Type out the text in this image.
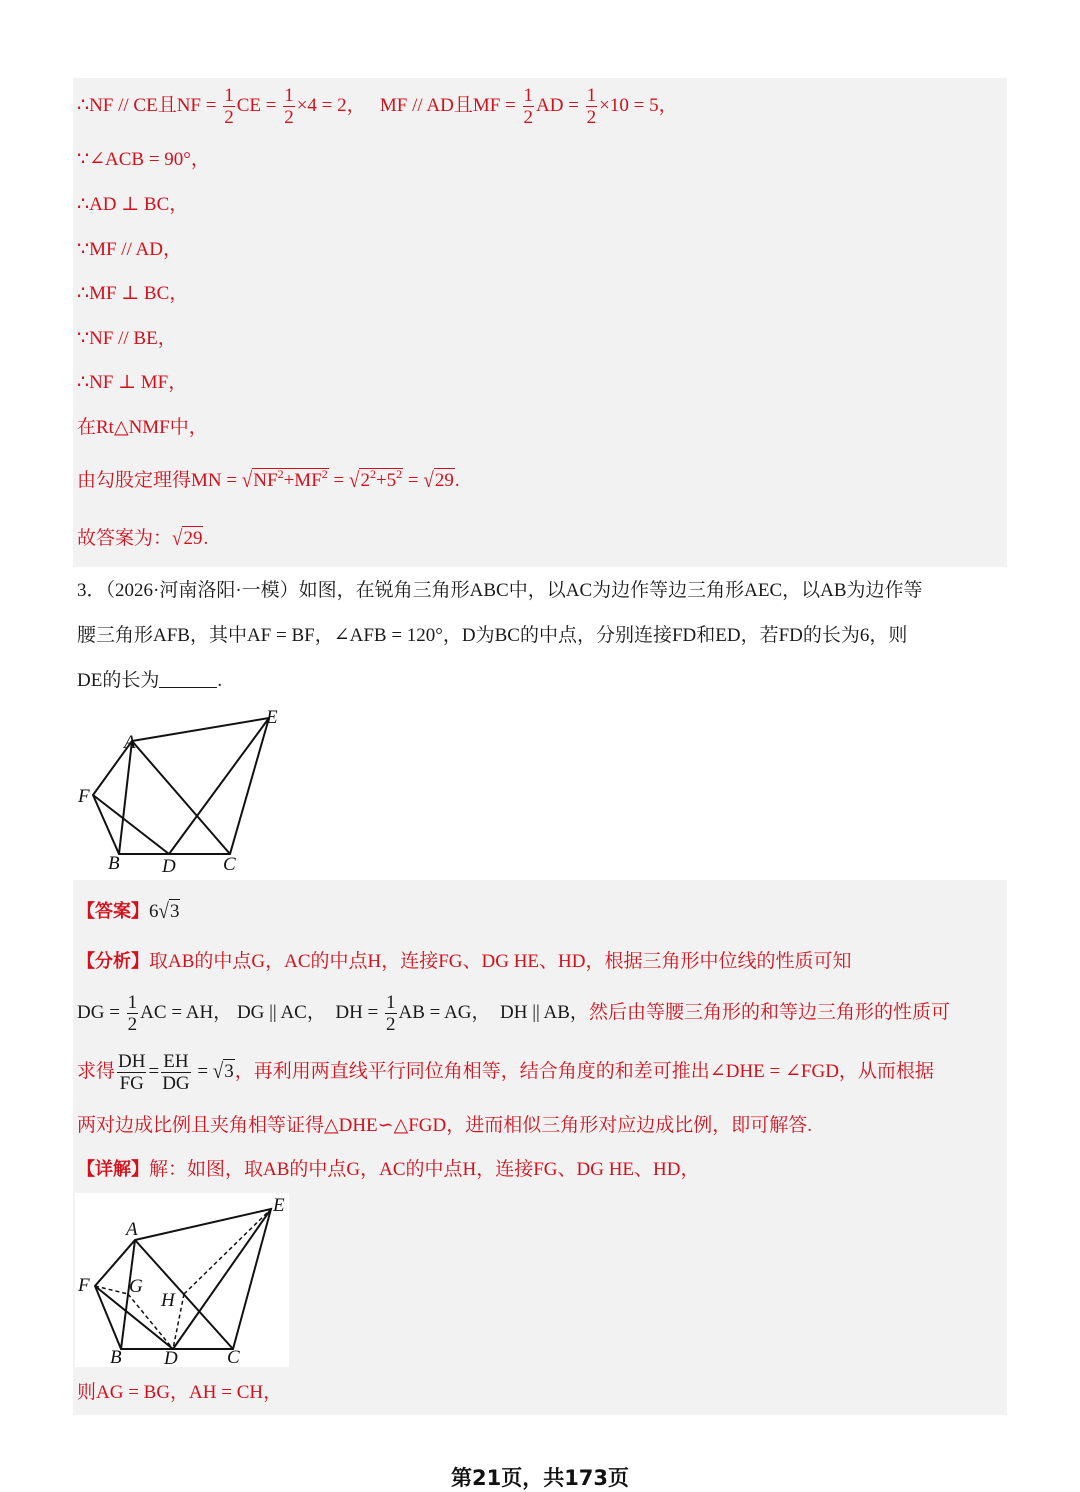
∴NF // CE且NF = $\frac{1}{2}$ CE = $\frac{1}{2} \times 4 = 2$， MF // AD且MF = $\frac{1}{2}$ AD = $\frac{1}{2} \times 10 = 5$，
∵∠ACB = 90°，
∴AD ⊥ BC，
∵MF // AD，
∴MF ⊥ BC，
∵NF // BE，
∴NF ⊥ MF，
在Rt△NMF中，
由勾股定理得MN = $√NF^2+MF^2 = √2^2+5^2 = √29$.
故答案为：√29.
3．（2026·河南洛阳·一模）如图，在锐角三角形ABC中，以AC为边作等边三角形AEC，以AB为边作等
腰三角形AFB，其中AF = BF，∠AFB = 120°，D为BC的中点，分别连接FD和ED，若FD的长为6，则
DE的长为	.
A
E
F
B D C
【答案】6√3
【分析】取AB的中点G，AC的中点H，连接FG、DG HE、HD，根据三角形中位线的性质可知
DG = $\frac{1}{2}$ AC = AH， DG || AC， DH = $\frac{1}{2}$ AB = AG， DH || AB，然后由等腰三角形的和等边三角形的性质可
求得 $\frac{DH}{FG} = \frac{EH}{DG} = √3$，再利用两直线平行同位角相等，结合角度的和差可推出∠DHE = ∠FGD，从而根据
两对边成比例且夹角相等证得△DHE∽△FGD，进而相似三角形对应边成比例，即可解答.
【详解】解：如图，取AB的中点G，AC的中点H，连接FG、DG HE、HD，
A
E
F G
H
B D	C
则AG = BG，AH = CH，
第21页，共173页
